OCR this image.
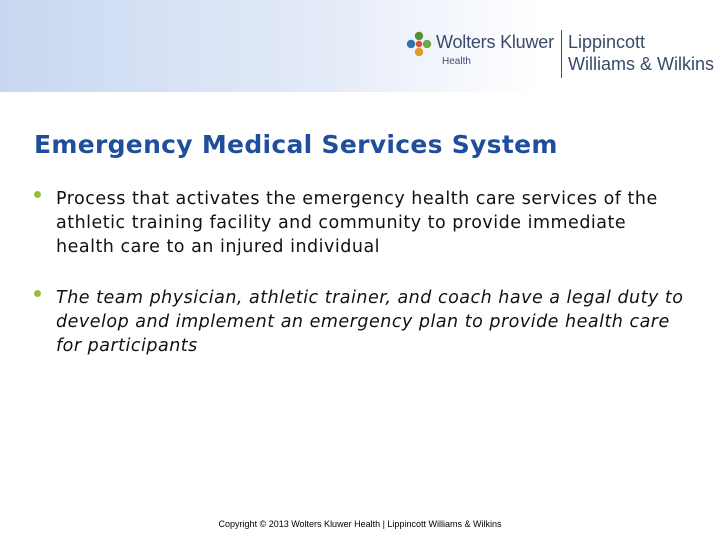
Wolters Kluwer
Health
Lippincott
Williams & Wilkins
Emergency Medical Services System
Process that activates the emergency health care services of the athletic training facility and community to provide immediate health care to an injured individual
The team physician, athletic trainer, and coach have a legal duty to develop and implement an emergency plan to provide health care for participants
Copyright © 2013 Wolters Kluwer Health | Lippincott Williams & Wilkins
